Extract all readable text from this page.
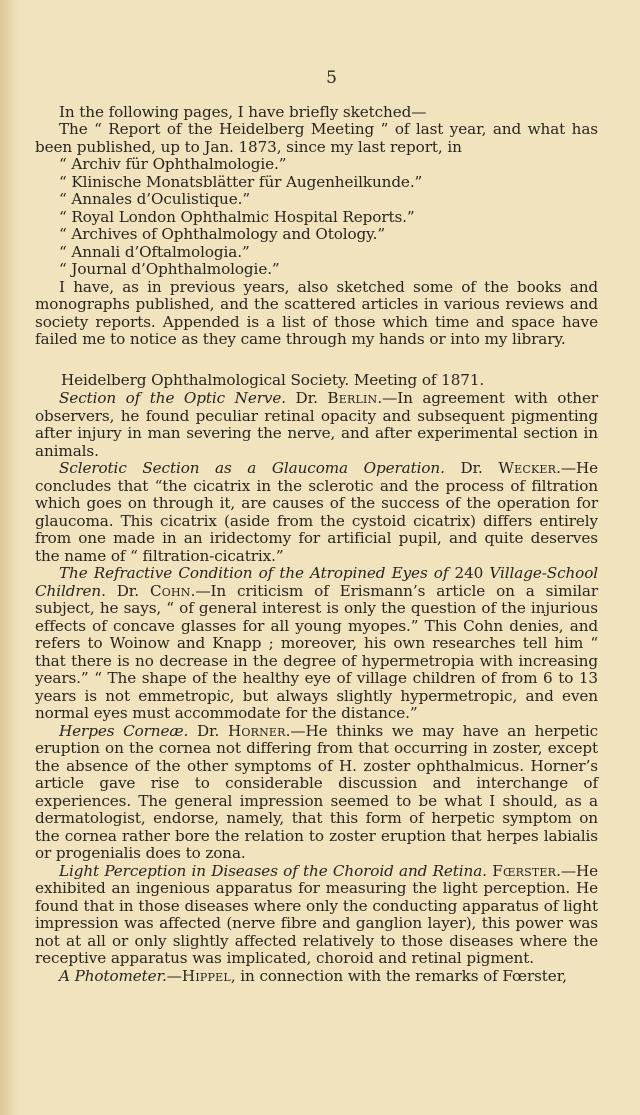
5

In the following pages, I have briefly sketched—

The “ Report of the Heidelberg Meeting ” of last year, and what has been published, up to Jan. 1873, since my last report, in

“ Archiv für Ophthalmologie.”

“ Klinische Monatsblätter für Augenheilkunde.”

“ Annales d’Oculistique.”

“ Royal London Ophthalmic Hospital Reports.”

“ Archives of Ophthalmology and Otology.”

“ Annali d’Oftalmologia.”

“ Journal d’Ophthalmologie.”

I have, as in previous years, also sketched some of the books and monographs published, and the scattered articles in various reviews and society reports. Appended is a list of those which time and space have failed me to notice as they came through my hands or into my library.

Heidelberg Ophthalmological Society. Meeting of 1871.

Section of the Optic Nerve. Dr. Berlin.—In agreement with other observers, he found peculiar retinal opacity and subsequent pigmenting after injury in man severing the nerve, and after experimental section in animals.

Sclerotic Section as a Glaucoma Operation. Dr. Wecker.—He concludes that “the cicatrix in the sclerotic and the process of filtration which goes on through it, are causes of the success of the operation for glaucoma. This cicatrix (aside from the cystoid cicatrix) differs entirely from one made in an iridectomy for artificial pupil, and quite deserves the name of “ filtration-cicatrix.”

The Refractive Condition of the Atropined Eyes of 240 Village-School Children. Dr. Cohn.—In criticism of Erismann’s article on a similar subject, he says, “ of general interest is only the question of the injurious effects of concave glasses for all young myopes.” This Cohn denies, and refers to Woinow and Knapp ; moreover, his own researches tell him “ that there is no decrease in the degree of hypermetropia with increasing years.” “ The shape of the healthy eye of village children of from 6 to 13 years is not emmetropic, but always slightly hypermetropic, and even normal eyes must accommodate for the distance.”

Herpes Corneæ. Dr. Horner.—He thinks we may have an herpetic eruption on the cornea not differing from that occurring in zoster, except the absence of the other symptoms of H. zoster ophthalmicus. Horner’s article gave rise to considerable discussion and interchange of experiences. The general impression seemed to be what I should, as a dermatologist, endorse, namely, that this form of herpetic symptom on the cornea rather bore the relation to zoster eruption that herpes labialis or progenialis does to zona.

Light Perception in Diseases of the Choroid and Retina. Fœrster.—He exhibited an ingenious apparatus for measuring the light perception. He found that in those diseases where only the conducting apparatus of light impression was affected (nerve fibre and ganglion layer), this power was not at all or only slightly affected relatively to those diseases where the receptive apparatus was implicated, choroid and retinal pigment.

A Photometer.—Hippel, in connection with the remarks of Fœrster,
